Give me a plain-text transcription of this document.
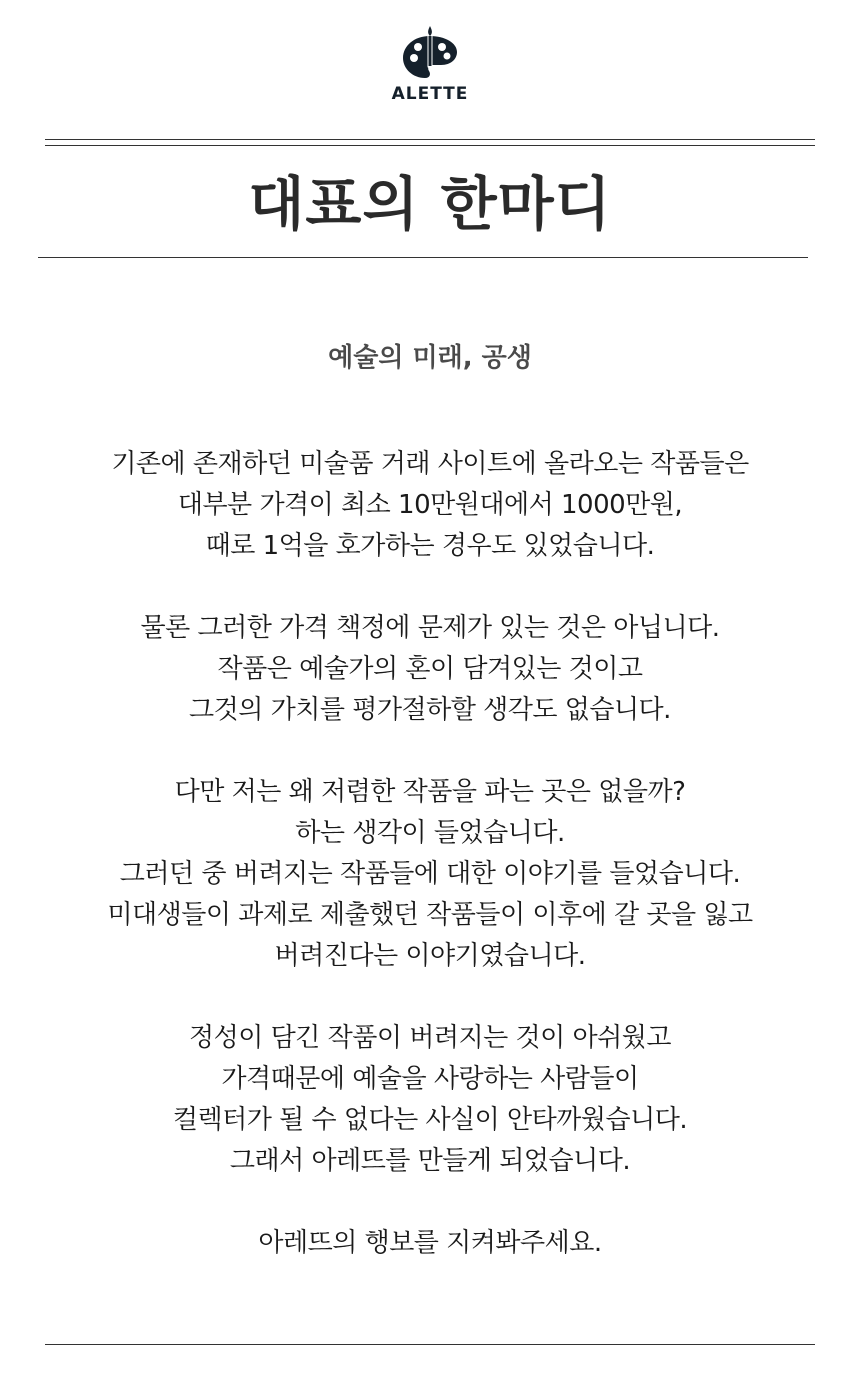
ALETTE
대표의 한마디
예술의 미래, 공생
기존에 존재하던 미술품 거래 사이트에 올라오는 작품들은
대부분 가격이 최소 10만원대에서 1000만원,
때로 1억을 호가하는 경우도 있었습니다.
물론 그러한 가격 책정에 문제가 있는 것은 아닙니다.
작품은 예술가의 혼이 담겨있는 것이고
그것의 가치를 평가절하할 생각도 없습니다.
다만 저는 왜 저렴한 작품을 파는 곳은 없을까?
하는 생각이 들었습니다.
그러던 중 버려지는 작품들에 대한 이야기를 들었습니다.
미대생들이 과제로 제출했던 작품들이 이후에 갈 곳을 잃고
버려진다는 이야기였습니다.
정성이 담긴 작품이 버려지는 것이 아쉬웠고
가격때문에 예술을 사랑하는 사람들이
컬렉터가 될 수 없다는 사실이 안타까웠습니다.
그래서 아레뜨를 만들게 되었습니다.
아레뜨의 행보를 지켜봐주세요.
